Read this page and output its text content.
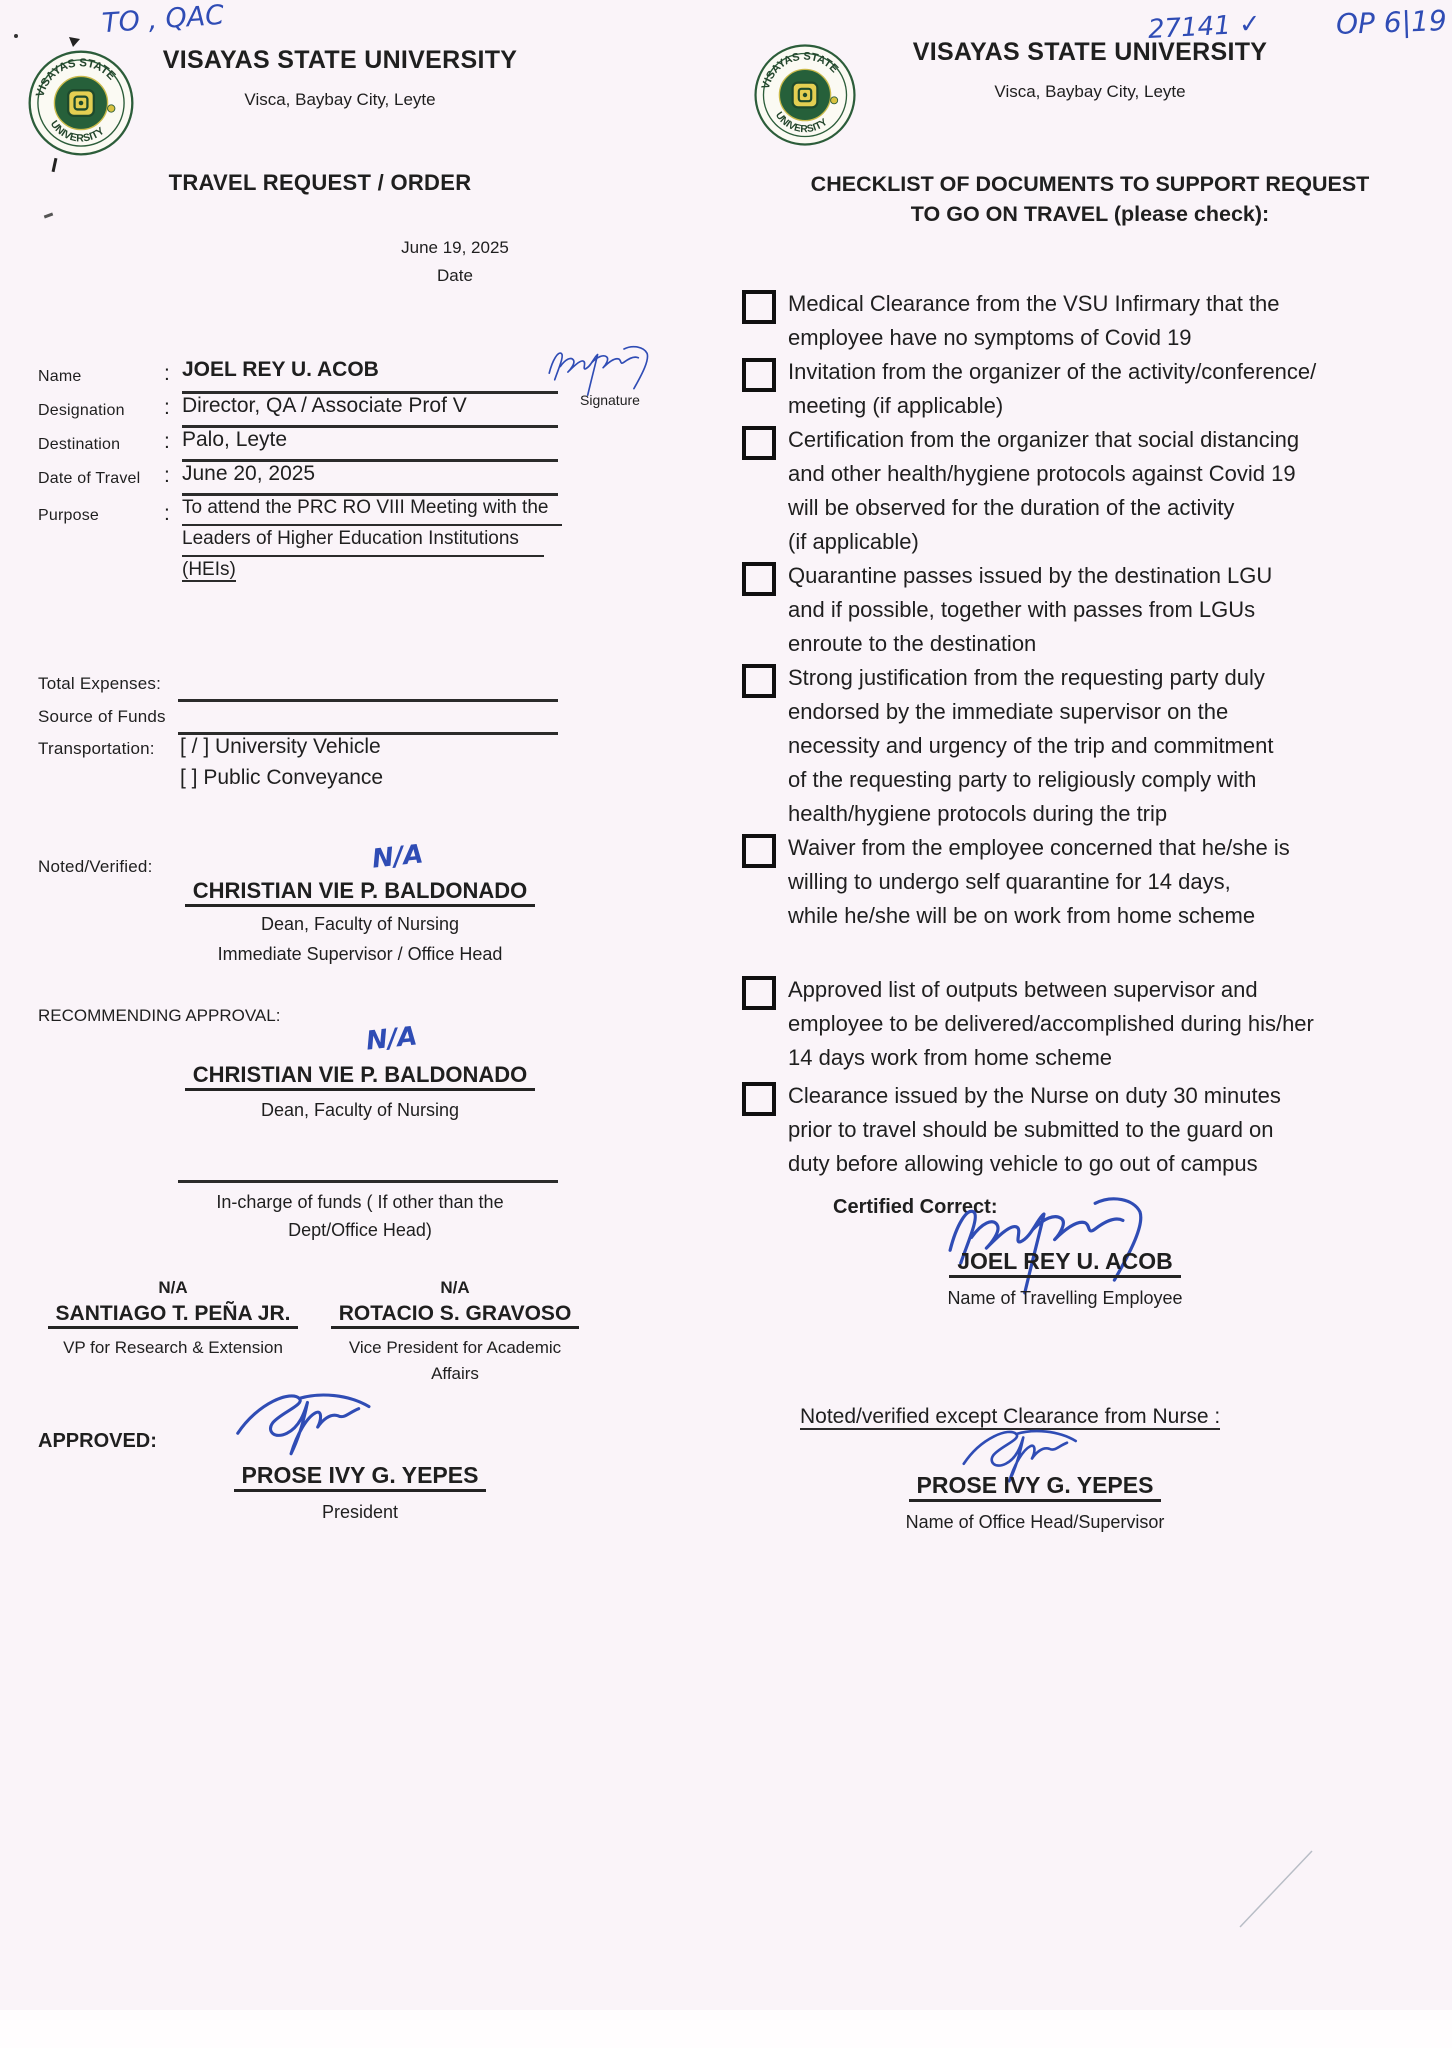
TO , QAC
VISAYAS STATE UNIVERSITY
Visca, Baybay City, Leyte
TRAVEL REQUEST / ORDER
June 19, 2025
Date
Name	: JOEL REY U. ACOB
Signature
Designation : Director, QA / Associate Prof V
Destination : Palo, Leyte
Date of Travel : June 20, 2025
Purpose	: To attend the PRC RO VIII Meeting with the
Leaders of Higher Education Institutions
(HEIs)
Total Expenses:
Source of Funds
Transportation: [ / ] University Vehicle
[ ] Public Conveyance
Noted/Verified:	N/A
CHRISTIAN VIE P. BALDONADO
Dean, Faculty of Nursing
Immediate Supervisor / Office Head
RECOMMENDING APPROVAL:
N/A
CHRISTIAN VIE P. BALDONADO
Dean, Faculty of Nursing
In-charge of funds ( If other than the
Dept/Office Head)
N/A
SANTIAGO T. PEÑA JR.
VP for Research & Extension
N/A
ROTACIO S. GRAVOSO
Vice President for Academic
Affairs
APPROVED:
PROSE IVY G. YEPES
President
27141 ✓	OP 6|19
VISAYAS STATE UNIVERSITY
Visca, Baybay City, Leyte
CHECKLIST OF DOCUMENTS TO SUPPORT REQUEST
TO GO ON TRAVEL (please check):
Medical Clearance from the VSU Infirmary that the
employee have no symptoms of Covid 19
Invitation from the organizer of the activity/conference/
meeting (if applicable)
Certification from the organizer that social distancing
and other health/hygiene protocols against Covid 19
will be observed for the duration of the activity
(if applicable)
Quarantine passes issued by the destination LGU
and if possible, together with passes from LGUs
enroute to the destination
Strong justification from the requesting party duly
endorsed by the immediate supervisor on the
necessity and urgency of the trip and commitment
of the requesting party to religiously comply with
health/hygiene protocols during the trip
Waiver from the employee concerned that he/she is
willing to undergo self quarantine for 14 days,
while he/she will be on work from home scheme
Approved list of outputs between supervisor and
employee to be delivered/accomplished during his/her
14 days work from home scheme
Clearance issued by the Nurse on duty 30 minutes
prior to travel should be submitted to the guard on
duty before allowing vehicle to go out of campus
Certified Correct:
JOEL REY U. ACOB
Name of Travelling Employee
Noted/verified except Clearance from Nurse :
PROSE IVY G. YEPES
Name of Office Head/Supervisor
